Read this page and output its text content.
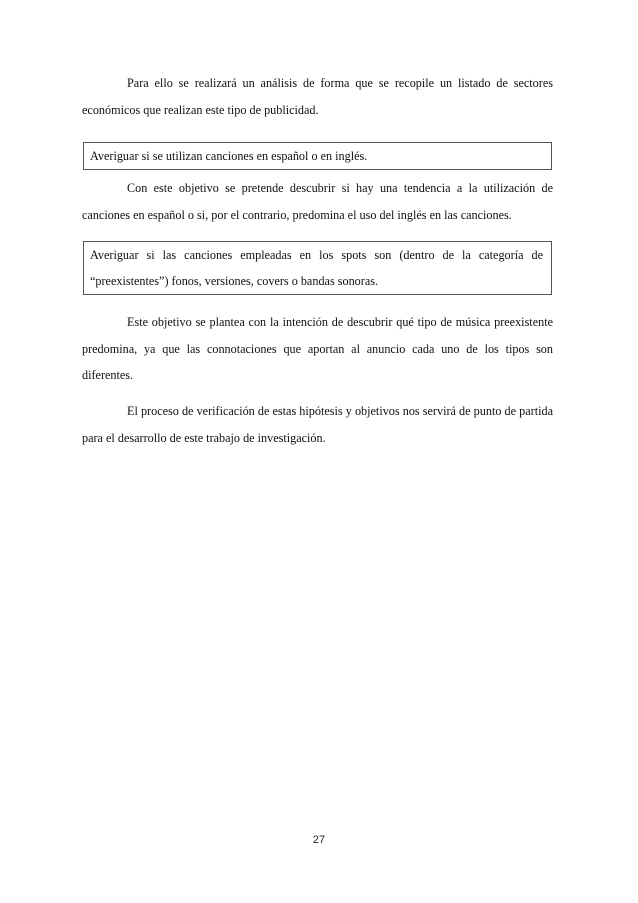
Para ello se realizará un análisis de forma que se recopile un listado de sectores económicos que realizan este tipo de publicidad.

Averiguar si se utilizan canciones en español o en inglés.

Con este objetivo se pretende descubrir si hay una tendencia a la utilización de canciones en español o si, por el contrario, predomina el uso del inglés en las canciones.

Averiguar si las canciones empleadas en los spots son (dentro de la categoría de “preexistentes”) fonos, versiones, covers o bandas sonoras.

Este objetivo se plantea con la intención de descubrir qué tipo de música preexistente predomina, ya que las connotaciones que aportan al anuncio cada uno de los tipos son diferentes.

El proceso de verificación de estas hipótesis y objetivos nos servirá de punto de partida para el desarrollo de este trabajo de investigación.

27
